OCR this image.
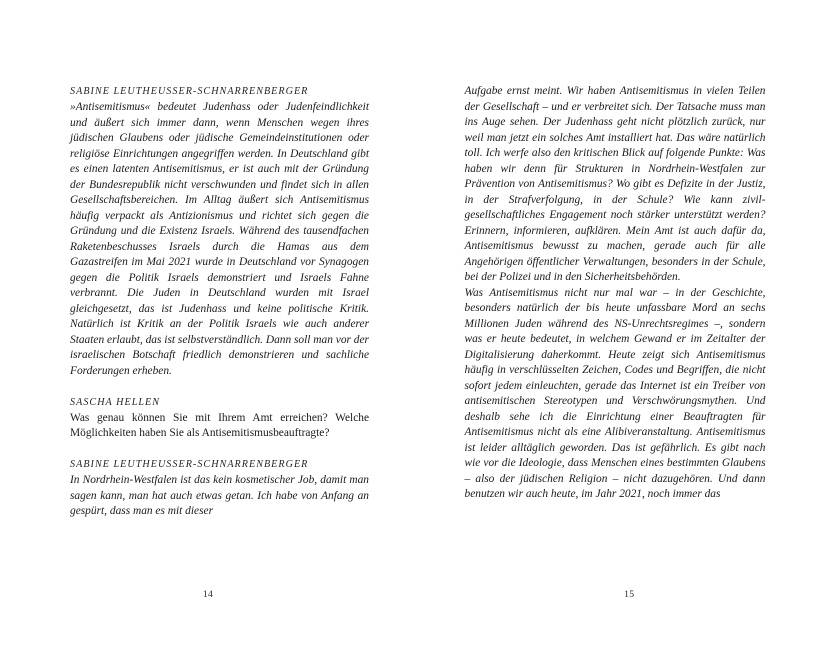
SABINE LEUTHEUSSER-SCHNARRENBERGER

»Antisemitismus« bedeutet Judenhass oder Judenfeindlichkeit und äußert sich immer dann, wenn Menschen wegen ihres jüdischen Glaubens oder jüdische Gemeindeinstitutionen oder religiöse Einrichtungen angegriffen werden. In Deutschland gibt es einen latenten Antisemitismus, er ist auch mit der Gründung der Bundesrepublik nicht verschwunden und findet sich in allen Gesellschaftsbereichen. Im Alltag äußert sich Antisemitismus häufig verpackt als Antizionismus und richtet sich gegen die Gründung und die Existenz Israels. Während des tausendfachen Raketenbeschusses Israels durch die Hamas aus dem Gazastreifen im Mai 2021 wurde in Deutschland vor Synagogen gegen die Politik Israels demonstriert und Israels Fahne verbrannt. Die Juden in Deutschland wurden mit Israel gleichgesetzt, das ist Judenhass und keine politische Kritik. Natürlich ist Kritik an der Politik Israels wie auch anderer Staaten erlaubt, das ist selbstverständlich. Dann soll man vor der israelischen Botschaft friedlich demonstrieren und sachliche Forderungen erheben.

SASCHA HELLEN

Was genau können Sie mit Ihrem Amt erreichen? Welche Möglichkeiten haben Sie als Antisemitismusbeauftragte?

SABINE LEUTHEUSSER-SCHNARRENBERGER

In Nordrhein-Westfalen ist das kein kosmetischer Job, damit man sagen kann, man hat auch etwas getan. Ich habe von Anfang an gespürt, dass man es mit dieser

14

Aufgabe ernst meint. Wir haben Antisemitismus in vielen Teilen der Gesellschaft – und er verbreitet sich. Der Tatsache muss man ins Auge sehen. Der Judenhass geht nicht plötzlich zurück, nur weil man jetzt ein solches Amt installiert hat. Das wäre natürlich toll. Ich werfe also den kritischen Blick auf folgende Punkte: Was haben wir denn für Strukturen in Nordrhein-Westfalen zur Prävention von Antisemitismus? Wo gibt es Defizite in der Justiz, in der Strafverfolgung, in der Schule? Wie kann zivilgesellschaftliches Engagement noch stärker unterstützt werden? Erinnern, informieren, aufklären. Mein Amt ist auch dafür da, Antisemitismus bewusst zu machen, gerade auch für alle Angehörigen öffentlicher Verwaltungen, besonders in der Schule, bei der Polizei und in den Sicherheitsbehörden.

Was Antisemitismus nicht nur mal war – in der Geschichte, besonders natürlich der bis heute unfassbare Mord an sechs Millionen Juden während des NS-Unrechtsregimes –, sondern was er heute bedeutet, in welchem Gewand er im Zeitalter der Digitalisierung daherkommt. Heute zeigt sich Antisemitismus häufig in verschlüsselten Zeichen, Codes und Begriffen, die nicht sofort jedem einleuchten, gerade das Internet ist ein Treiber von antisemitischen Stereotypen und Verschwörungsmythen. Und deshalb sehe ich die Einrichtung einer Beauftragten für Antisemitismus nicht als eine Alibiveranstaltung. Antisemitismus ist leider alltäglich geworden. Das ist gefährlich. Es gibt nach wie vor die Ideologie, dass Menschen eines bestimmten Glaubens – also der jüdischen Religion – nicht dazugehören. Und dann benutzen wir auch heute, im Jahr 2021, noch immer das

15
